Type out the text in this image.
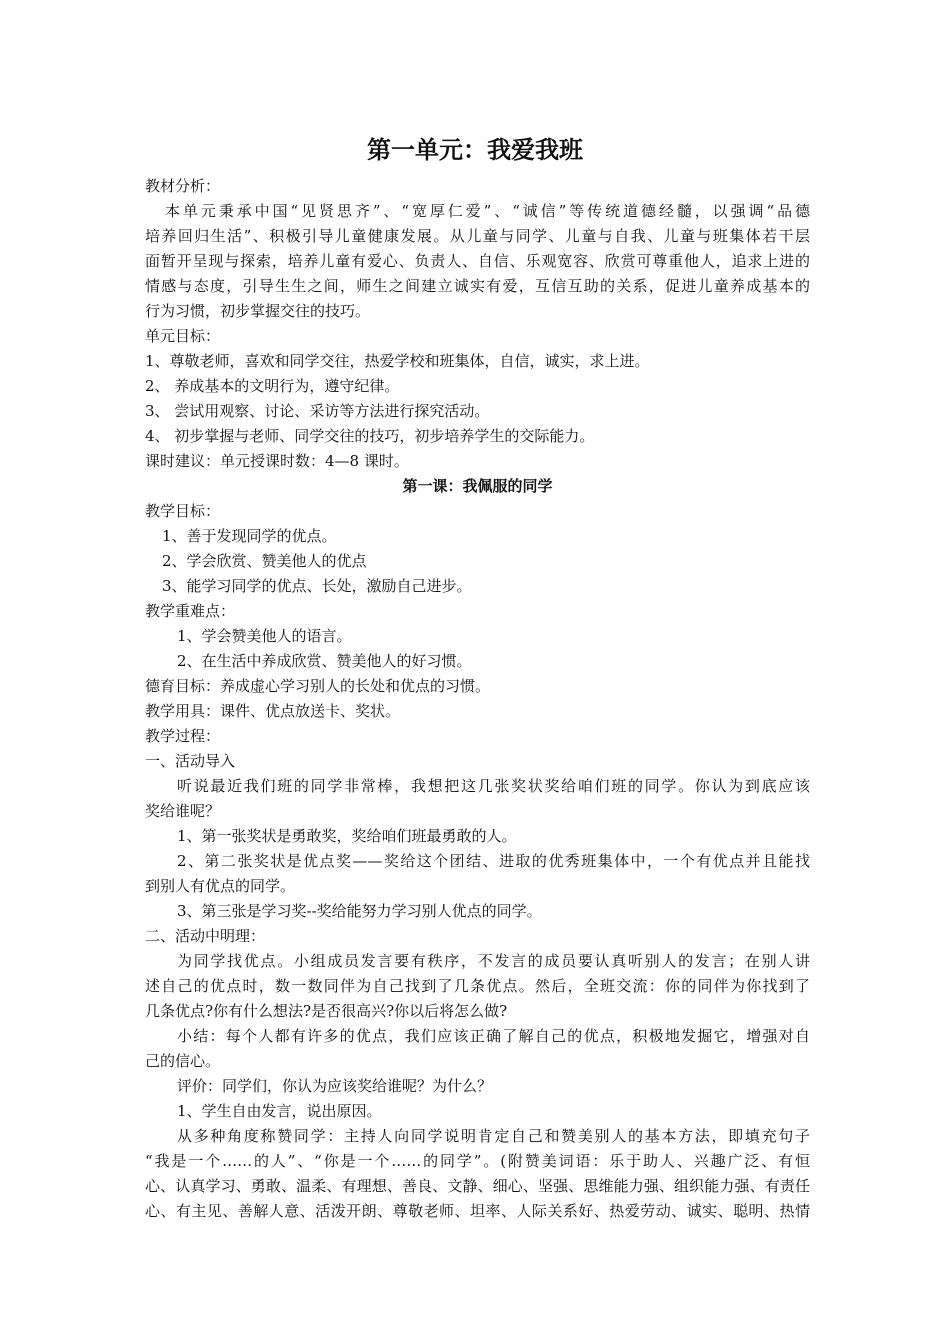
第一单元：我爱我班
教材分析：
本单元秉承中国“见贤思齐”、“宽厚仁爱”、“诚信”等传统道德经髓，以强调“品德
培养回归生活”、积极引导儿童健康发展。从儿童与同学、儿童与自我、儿童与班集体若干层
面暂开呈现与探索，培养儿童有爱心、负责人、自信、乐观宽容、欣赏可尊重他人，追求上进的
情感与态度，引导生生之间，师生之间建立诚实有爱，互信互助的关系，促进儿童养成基本的
行为习惯，初步掌握交往的技巧。
单元目标：
1、尊敬老师，喜欢和同学交往，热爱学校和班集体，自信，诚实，求上进。
2、 养成基本的文明行为，遵守纪律。
3、 尝试用观察、讨论、采访等方法进行探究活动。
4、 初步掌握与老师、同学交往的技巧，初步培养学生的交际能力。
课时建议：单元授课时数：4—8 课时。
第一课：我佩服的同学
教学目标：
1、善于发现同学的优点。
2、学会欣赏、赞美他人的优点
3、能学习同学的优点、长处，激励自己进步。
教学重难点：
1、学会赞美他人的语言。
2、在生活中养成欣赏、赞美他人的好习惯。
德育目标：养成虚心学习别人的长处和优点的习惯。
教学用具：课件、优点放送卡、奖状。
教学过程：
一、活动导入
听说最近我们班的同学非常棒，我想把这几张奖状奖给咱们班的同学。你认为到底应该
奖给谁呢？
1、第一张奖状是勇敢奖，奖给咱们班最勇敢的人。
2、第二张奖状是优点奖——奖给这个团结、进取的优秀班集体中，一个有优点并且能找
到别人有优点的同学。
3、第三张是学习奖--奖给能努力学习别人优点的同学。
二、活动中明理：
为同学找优点。小组成员发言要有秩序，不发言的成员要认真听别人的发言；在别人讲
述自己的优点时，数一数同伴为自己找到了几条优点。然后，全班交流：你的同伴为你找到了
几条优点?你有什么想法?是否很高兴?你以后将怎么做?
小结：每个人都有许多的优点，我们应该正确了解自己的优点，积极地发掘它，增强对自
己的信心。
评价：同学们，你认为应该奖给谁呢？为什么？
1、学生自由发言，说出原因。
从多种角度称赞同学：主持人向同学说明肯定自己和赞美别人的基本方法，即填充句子
“我是一个……的人”、“你是一个……的同学”。(附赞美词语：乐于助人、兴趣广泛、有恒
心、认真学习、勇敢、温柔、有理想、善良、文静、细心、坚强、思维能力强、组织能力强、有责任
心、有主见、善解人意、活泼开朗、尊敬老师、坦率、人际关系好、热爱劳动、诚实、聪明、热情
